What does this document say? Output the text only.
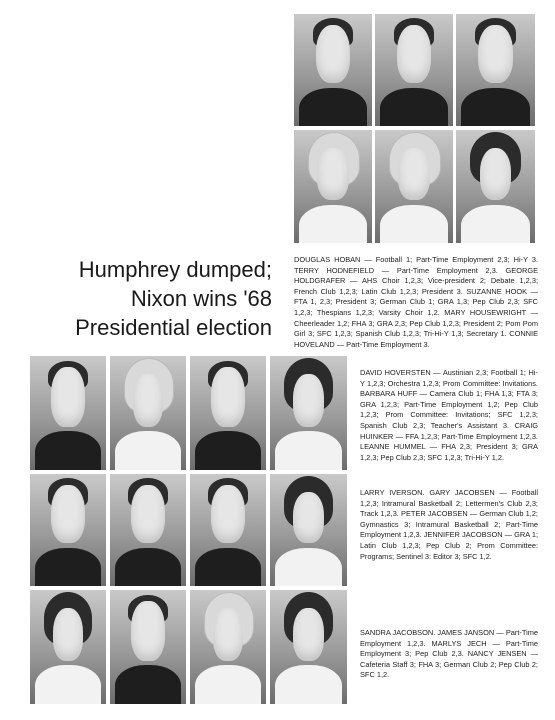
Humphrey dumped;
Nixon wins '68
Presidential election

DOUGLAS HOBAN — Football 1; Part-Time Employment 2,3; Hi-Y 3. TERRY HODNEFIELD — Part-Time Employment 2,3. GEORGE HOLDGRAFER — AHS Choir 1,2,3; Vice-president 2; Debate 1,2,3; French Club 1,2,3; Latin Club 1,2,3; President 3. SUZANNE HOOK — FTA 1, 2,3; President 3; German Club 1; GRA 1,3; Pep Club 2,3; SFC 1,2,3; Thespians 1,2,3; Varsity Choir 1,2. MARY HOUSEWRIGHT — Cheerleader 1,2; FHA 3; GRA 2,3; Pep Club 1,2,3; President 2; Pom Pom Girl 3; SFC 1,2,3; Spanish Club 1,2,3; Tri-Hi-Y 1,3; Secretary 1. CONNIE HOVELAND — Part-Time Employment 3.

DAVID HOVERSTEN — Austinian 2,3; Football 1; Hi-Y 1,2,3; Orchestra 1,2,3; Prom Committee: Invitations. BARBARA HUFF — Camera Club 1; FHA 1,3; FTA 3; GRA 1,2,3; Part-Time Employment 1,2; Pep Club 1,2,3; Prom Committee: Invitations; SFC 1,2,3; Spanish Club 2,3; Teacher's Assistant 3. CRAIG HUINKER — FFA 1,2,3; Part-Time Employment 1,2,3. LEANNE HUMMEL — FHA 2,3; President 3; GRA 1,2,3; Pep Club 2,3; SFC 1,2,3; Tri-Hi-Y 1,2.

LARRY IVERSON. GARY JACOBSEN — Football 1,2,3; Intramural Basketball 2; Lettermen's Club 2,3; Track 1,2,3. PETER JACOBSEN — German Club 1,2; Gymnastics 3; Intramural Basketball 2; Part-Time Employment 1,2,3. JENNIFER JACOBSON — GRA 1; Latin Club 1,2,3; Pep Club 2; Prom Committee: Programs; Sentinel 3: Editor 3; SFC 1,2.

SANDRA JACOBSON. JAMES JANSON — Part-Time Employment 1,2,3. MARLYS JECH — Part-Time Employment 3; Pep Club 2,3. NANCY JENSEN — Cafeteria Staff 3; FHA 3; German Club 2; Pep Club 2; SFC 1,2.
